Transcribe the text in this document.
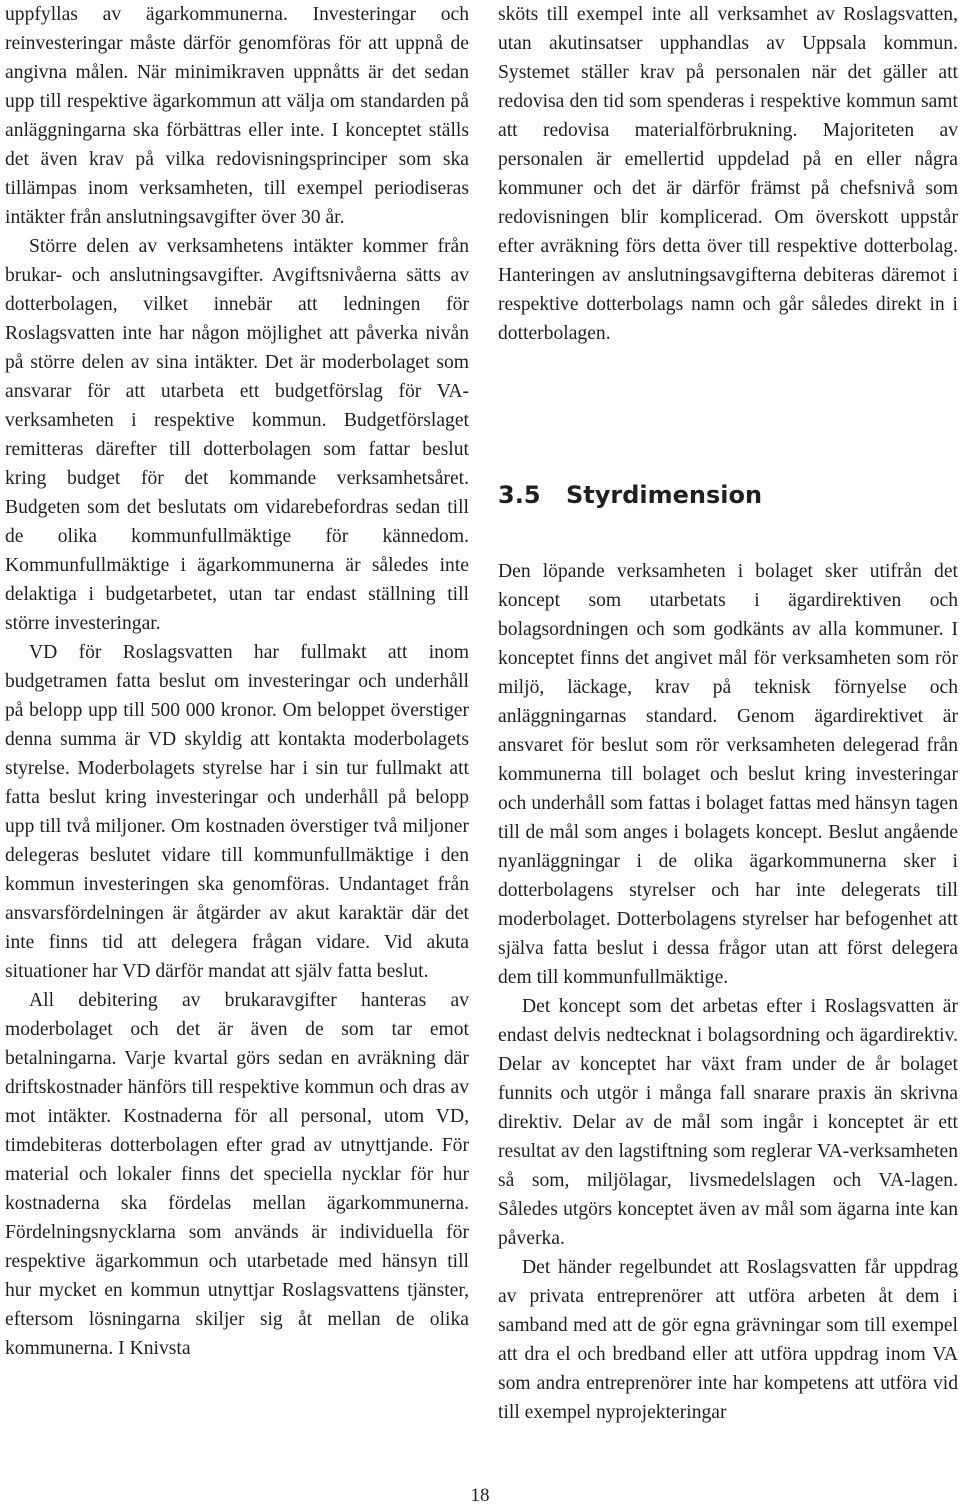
uppfyllas av ägarkommunerna. Investeringar och reinvesteringar måste därför genomföras för att uppnå de angivna målen. När minimikraven uppnåtts är det sedan upp till respektive ägarkommun att välja om standarden på anläggningarna ska förbättras eller inte. I konceptet ställs det även krav på vilka redovisningsprinciper som ska tillämpas inom verksamheten, till exempel periodiseras intäkter från anslutningsavgifter över 30 år.

Större delen av verksamhetens intäkter kommer från brukar- och anslutningsavgifter. Avgiftsnivåerna sätts av dotterbolagen, vilket innebär att ledningen för Roslagsvatten inte har någon möjlighet att påverka nivån på större delen av sina intäkter. Det är moderbolaget som ansvarar för att utarbeta ett budgetförslag för VA-verksamheten i respektive kommun. Budgetförslaget remitteras därefter till dotterbolagen som fattar beslut kring budget för det kommande verksamhetsåret. Budgeten som det beslutats om vidarebefordras sedan till de olika kommunfullmäktige för kännedom. Kommunfullmäktige i ägarkommunerna är således inte delaktiga i budgetarbetet, utan tar endast ställning till större investeringar.

VD för Roslagsvatten har fullmakt att inom budgetramen fatta beslut om investeringar och underhåll på belopp upp till 500 000 kronor. Om beloppet överstiger denna summa är VD skyldig att kontakta moderbolagets styrelse. Moderbolagets styrelse har i sin tur fullmakt att fatta beslut kring investeringar och underhåll på belopp upp till två miljoner. Om kostnaden överstiger två miljoner delegeras beslutet vidare till kommunfullmäktige i den kommun investeringen ska genomföras. Undantaget från ansvarsfördelningen är åtgärder av akut karaktär där det inte finns tid att delegera frågan vidare. Vid akuta situationer har VD därför mandat att själv fatta beslut.

All debitering av brukaravgifter hanteras av moderbolaget och det är även de som tar emot betalningarna. Varje kvartal görs sedan en avräkning där driftskostnader hänförs till respektive kommun och dras av mot intäkter. Kostnaderna för all personal, utom VD, timdebiteras dotterbolagen efter grad av utnyttjande. För material och lokaler finns det speciella nycklar för hur kostnaderna ska fördelas mellan ägarkommunerna. Fördelningsnycklarna som används är individuella för respektive ägarkommun och utarbetade med hänsyn till hur mycket en kommun utnyttjar Roslagsvattens tjänster, eftersom lösningarna skiljer sig åt mellan de olika kommunerna. I Knivsta

sköts till exempel inte all verksamhet av Roslagsvatten, utan akutinsatser upphandlas av Uppsala kommun. Systemet ställer krav på personalen när det gäller att redovisa den tid som spenderas i respektive kommun samt att redovisa materialförbrukning. Majoriteten av personalen är emellertid uppdelad på en eller några kommuner och det är därför främst på chefsnivå som redovisningen blir komplicerad. Om överskott uppstår efter avräkning förs detta över till respektive dotterbolag. Hanteringen av anslutningsavgifterna debiteras däremot i respektive dotterbolags namn och går således direkt in i dotterbolagen.

3.5 Styrdimension

Den löpande verksamheten i bolaget sker utifrån det koncept som utarbetats i ägardirektiven och bolagsordningen och som godkänts av alla kommuner. I konceptet finns det angivet mål för verksamheten som rör miljö, läckage, krav på teknisk förnyelse och anläggningarnas standard. Genom ägardirektivet är ansvaret för beslut som rör verksamheten delegerad från kommunerna till bolaget och beslut kring investeringar och underhåll som fattas i bolaget fattas med hänsyn tagen till de mål som anges i bolagets koncept. Beslut angående nyanläggningar i de olika ägarkommunerna sker i dotterbolagens styrelser och har inte delegerats till moderbolaget. Dotterbolagens styrelser har befogenhet att själva fatta beslut i dessa frågor utan att först delegera dem till kommunfullmäktige.

Det koncept som det arbetas efter i Roslagsvatten är endast delvis nedtecknat i bolagsordning och ägardirektiv. Delar av konceptet har växt fram under de år bolaget funnits och utgör i många fall snarare praxis än skrivna direktiv. Delar av de mål som ingår i konceptet är ett resultat av den lagstiftning som reglerar VA-verksamheten så som, miljölagar, livsmedelslagen och VA-lagen. Således utgörs konceptet även av mål som ägarna inte kan påverka.

Det händer regelbundet att Roslagsvatten får uppdrag av privata entreprenörer att utföra arbeten åt dem i samband med att de gör egna grävningar som till exempel att dra el och bredband eller att utföra uppdrag inom VA som andra entreprenörer inte har kompetens att utföra vid till exempel nyprojekteringar

18
